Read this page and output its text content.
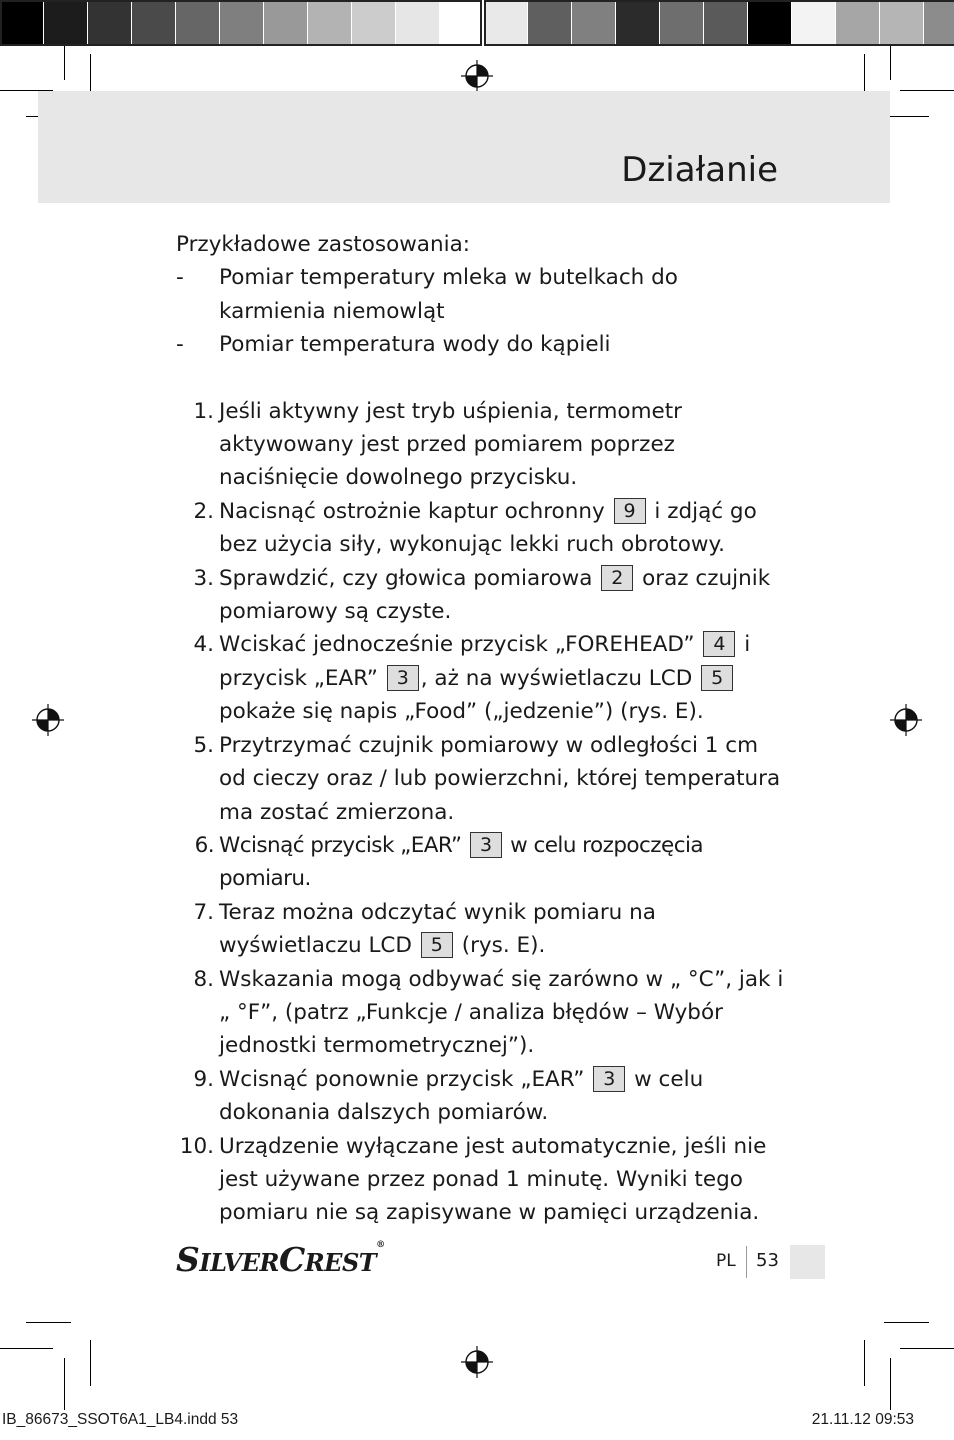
Działanie

Przykładowe zastosowania:

- Pomiar temperatury mleka w butelkach do karmienia niemowląt
- Pomiar temperatura wody do kąpieli
1. Jeśli aktywny jest tryb uśpienia, termometr aktywowany jest przed pomiarem poprzez naciśnięcie dowolnego przycisku.
2. Nacisnąć ostrożnie kaptur ochronny 9 i zdjąć go bez użycia siły, wykonując lekki ruch obrotowy.
3. Sprawdzić, czy głowica pomiarowa 2 oraz czujnik pomiarowy są czyste.
4. Wciskać jednocześnie przycisk „FOREHEAD” 4 i przycisk „EAR” 3 , aż na wyświetlaczu LCD 5 pokaże się napis „Food” („jedzenie”) (rys. E).
5. Przytrzymać czujnik pomiarowy w odległości 1 cm od cieczy oraz / lub powierzchni, której temperatura ma zostać zmierzona.
6. Wcisnąć przycisk „EAR” 3 w celu rozpoczęcia pomiaru.
7. Teraz można odczytać wynik pomiaru na wyświetlaczu LCD 5 (rys. E).
8. Wskazania mogą odbywać się zarówno w „ °C”, jak i „ °F”, (patrz „Funkcje / analiza błędów – Wybór jednostki termometrycznej”).
9. Wcisnąć ponownie przycisk „EAR” 3 w celu dokonania dalszych pomiarów.
10. Urządzenie wyłączane jest automatycznie, jeśli nie jest używane przez ponad 1 minutę. Wyniki tego pomiaru nie są zapisywane w pamięci urządzenia.
SILVERCREST®
PL 53
IB_86673_SSOT6A1_LB4.indd 53	21.11.12 09:53
